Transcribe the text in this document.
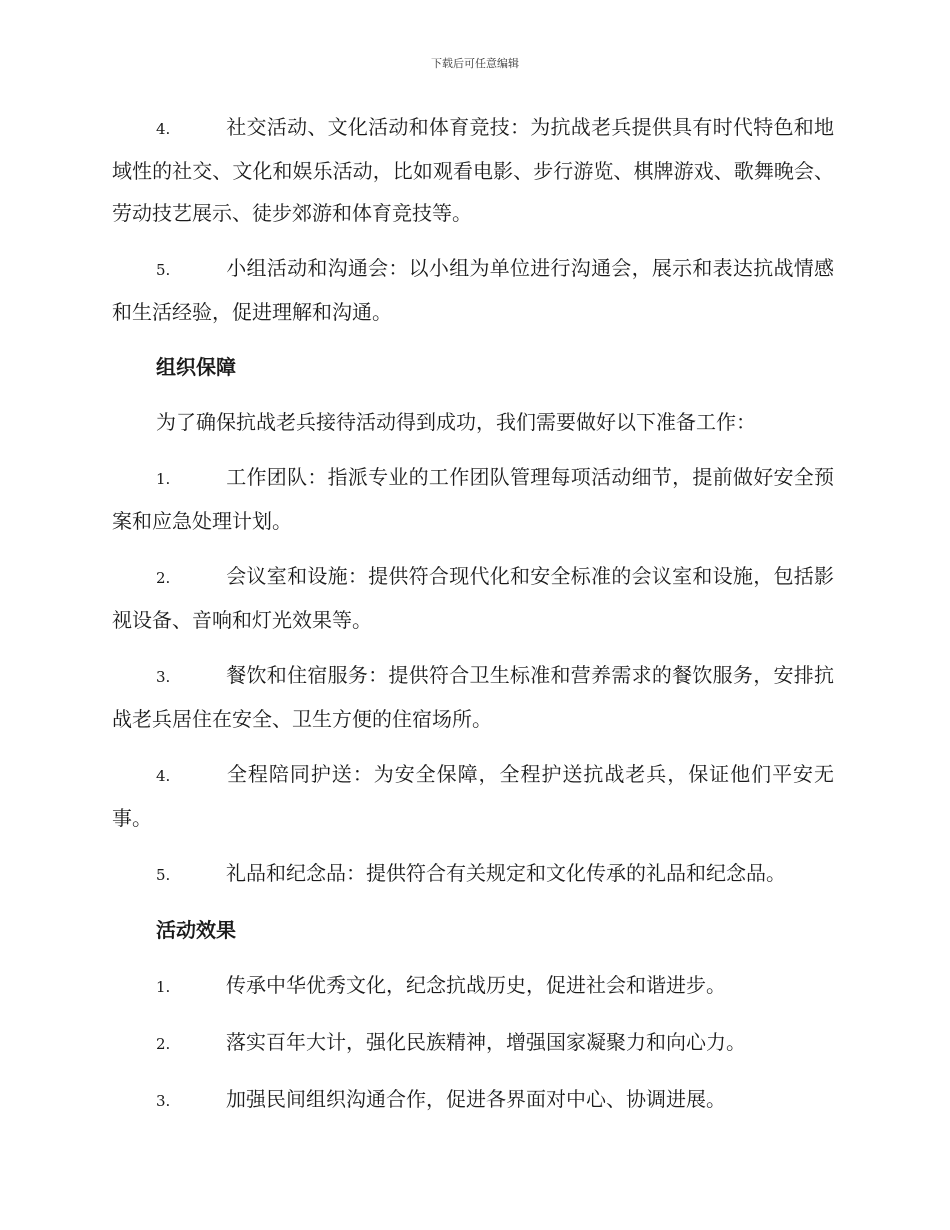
下载后可任意编辑
4.	社交活动、文化活动和体育竞技：为抗战老兵提供具有时代特色和地域性的社交、文化和娱乐活动，比如观看电影、步行游览、棋牌游戏、歌舞晚会、劳动技艺展示、徒步郊游和体育竞技等。
5.	小组活动和沟通会：以小组为单位进行沟通会，展示和表达抗战情感和生活经验，促进理解和沟通。
组织保障
为了确保抗战老兵接待活动得到成功，我们需要做好以下准备工作：
1.	工作团队：指派专业的工作团队管理每项活动细节，提前做好安全预案和应急处理计划。
2.	会议室和设施：提供符合现代化和安全标准的会议室和设施，包括影视设备、音响和灯光效果等。
3.	餐饮和住宿服务：提供符合卫生标准和营养需求的餐饮服务，安排抗战老兵居住在安全、卫生方便的住宿场所。
4.	全程陪同护送：为安全保障，全程护送抗战老兵，保证他们平安无事。
5.	礼品和纪念品：提供符合有关规定和文化传承的礼品和纪念品。
活动效果
1.	传承中华优秀文化，纪念抗战历史，促进社会和谐进步。
2.	落实百年大计，强化民族精神，增强国家凝聚力和向心力。
3.	加强民间组织沟通合作，促进各界面对中心、协调进展。
